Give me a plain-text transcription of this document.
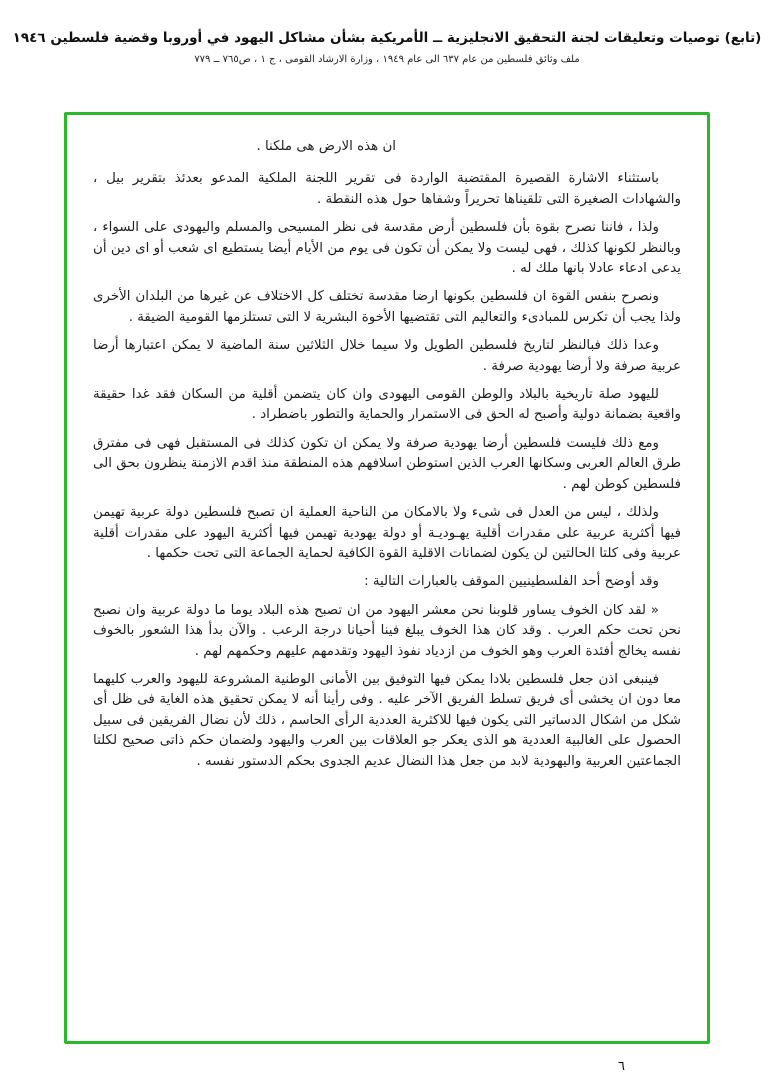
(تابع) توصيات وتعليقات لجنة التحقيق الانجليزية ــ الأمريكية بشأن مشاكل اليهود في أوروبا وقضية فلسطين ١٩٤٦
ملف وثائق فلسطين من عام ٦٣٧ الى عام ١٩٤٩ ، وزارة الارشاد القومى ، ج ١ ، ص٧٦٥ ــ ٧٧٩

ان هذه الارض هى ملكنا .

باستثناء الاشارة القصيرة المقتضبة الواردة فى تقرير اللجنة الملكية المدعو بعدئذ بتقرير بيل ، والشهادات الصغيرة التى تلقيناها تحريراً وشفاها حول هذه النقطة .

ولذا ، فاننا نصرح بقوة بأن فلسطين أرض مقدسة فى نظر المسيحى والمسلم واليهودى على السواء ، وبالنظر لكونها كذلك ، فهى ليست ولا يمكن أن تكون فى يوم من الأيام أيضا يستطيع اى شعب أو اى دين أن يدعى ادعاء عادلا بانها ملك له .

ونصرح بنفس القوة ان فلسطين بكونها ارضا مقدسة تختلف كل الاختلاف عن غيرها من البلدان الأخرى ولذا يجب أن تكرس للمبادىء والتعاليم التى تقتضيها الأخوة البشرية لا التى تستلزمها القومية الضيقة .

وعدا ذلك فبالنظر لتاريخ فلسطين الطويل ولا سيما خلال الثلاثين سنة الماضية لا يمكن اعتبارها أرضا عربية صرفة ولا أرضا يهودية صرفة .

لليهود صلة تاريخية بالبلاد والوطن القومى اليهودى وان كان يتضمن أقلية من السكان فقد غدا حقيقة واقعية بضمانة دولية وأصبح له الحق فى الاستمرار والحماية والتطور باضطراد .

ومع ذلك فليست فلسطين أرضا يهودية صرفة ولا يمكن ان تكون كذلك فى المستقبل فهى فى مفترق طرق العالم العربى وسكانها العرب الذين استوطن اسلافهم هذه المنطقة منذ اقدم الازمنة ينظرون بحق الى فلسطين كوطن لهم .

ولذلك ، ليس من العدل فى شىء ولا بالامكان من الناحية العملية ان تصبح فلسطين دولة عربية تهيمن فيها أكثرية عربية على مقدرات أقلية يهـوديـة أو دولة يهودية تهيمن فيها أكثرية اليهود على مقدرات أقلية عربية وفى كلتا الحالتين لن يكون لضمانات الاقلية القوة الكافية لحماية الجماعة التى تحت حكمها .

وقد أوضح أحد الفلسطينيين الموقف بالعبارات التالية :

« لقد كان الخوف يساور قلوبنا نحن معشر اليهود من ان تصبح هذه البلاد يوما ما دولة عربية وان نصبح نحن تحت حكم العرب . وقد كان هذا الخوف يبلغ فينا أحيانا درجة الرعب . والآن بدأ هذا الشعور بالخوف نفسه يخالج أفئدة العرب وهو الخوف من ازدياد نفوذ اليهود وتقدمهم عليهم وحكمهم لهم .

فينبغى اذن جعل فلسطين بلادا يمكن فيها التوفيق بين الأمانى الوطنية المشروعة لليهود والعرب كليهما معا دون ان يخشى أى فريق تسلط الفريق الآخر عليه . وفى رأينا أنه لا يمكن تحقيق هذه الغاية فى ظل أى شكل من اشكال الدساتير التى يكون فيها للاكثرية العددية الرأى الحاسم ، ذلك لأن نضال الفريقين فى سبيل الحصول على الغالبية العددية هو الذى يعكر جو العلاقات بين العرب واليهود ولضمان حكم ذاتى صحيح لكلتا الجماعتين العربية واليهودية لابد من جعل هذا النضال عديم الجدوى بحكم الدستور نفسه .

٦
